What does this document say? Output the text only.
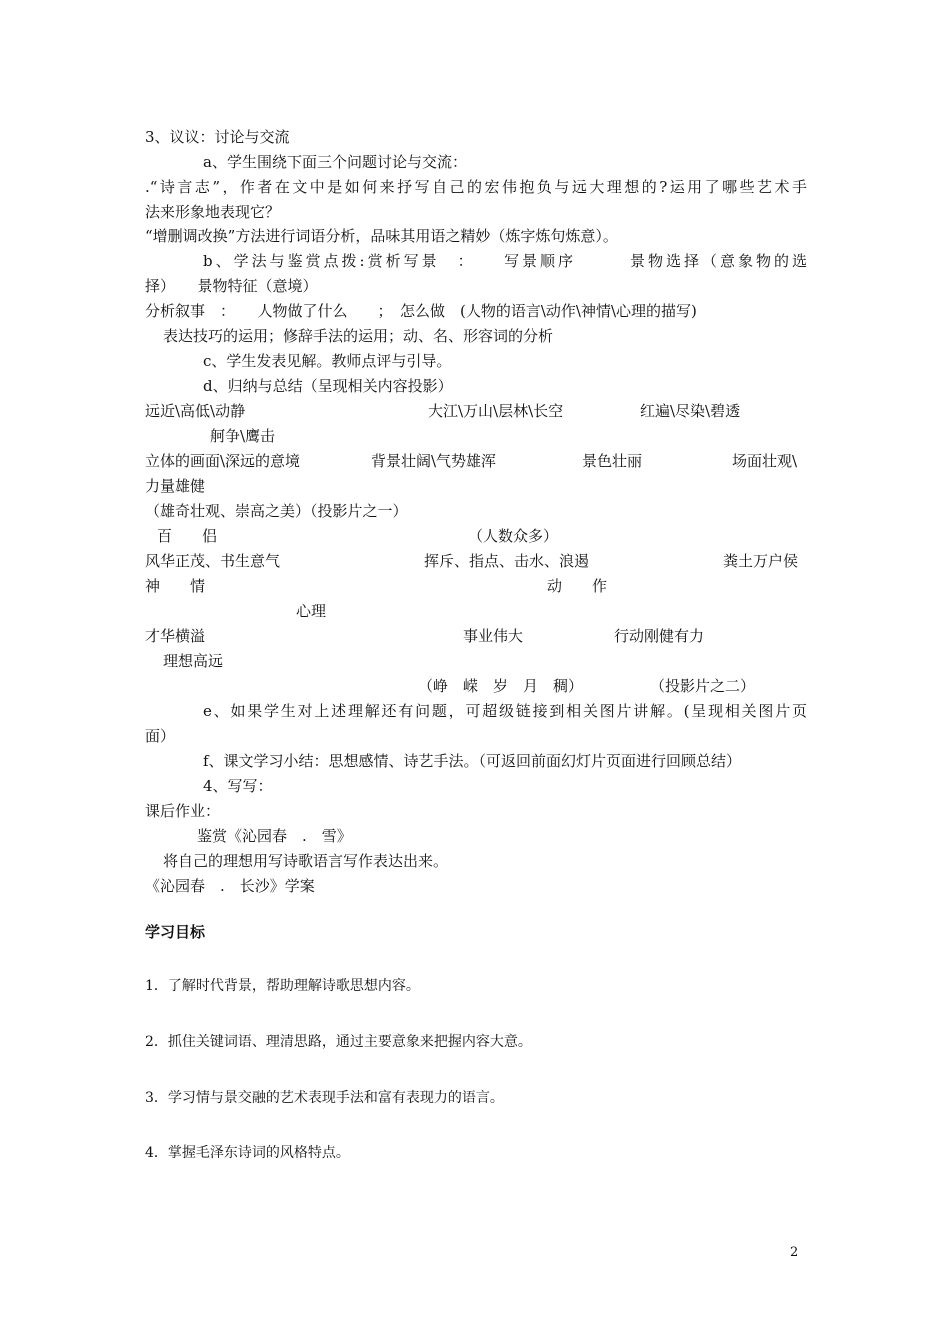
3、议议：讨论与交流
a、学生围绕下面三个问题讨论与交流：
.“诗言志”，作者在文中是如何来抒写自己的宏伟抱负与远大理想的?运用了哪些艺术手
法来形象地表现它？
“增删调改换”方法进行词语分析，品味其用语之精妙（炼字炼句炼意）。
b、学法与鉴赏点拨:赏析写景　：　　写景顺序　　　景物选择（意象物的选
择）　　景物特征（意境）
分析叙事　：　　人物做了什么　　；　怎么做　(人物的语言\动作\神情\心理的描写)
表达技巧的运用；修辞手法的运用；动、名、形容词的分析
c、学生发表见解。教师点评与引导。
d、归纳与总结（呈现相关内容投影）
远近\高低\动静	大江\万山\层林\长空	红遍\尽染\碧透
舸争\鹰击
立体的画面\深远的意境	背景壮阔\气势雄浑	景色壮丽	场面壮观\
力量雄健
（雄奇壮观、崇高之美）（投影片之一）
百　　侣	（人数众多）
风华正茂、书生意气	挥斥、指点、击水、浪遏	粪土万户侯
神　　情	动　　作
心理
才华横溢	事业伟大	行动刚健有力
理想高远
（峥　嵘　岁　月　稠）	（投影片之二）
e、如果学生对上述理解还有问题，可超级链接到相关图片讲解。(呈现相关图片页
面）
f、课文学习小结：思想感情、诗艺手法。（可返回前面幻灯片页面进行回顾总结）
4、写写：
课后作业：
鉴赏《沁园春　.　雪》
将自己的理想用写诗歌语言写作表达出来。
《沁园春　.　长沙》学案
学习目标
1．了解时代背景，帮助理解诗歌思想内容。
2．抓住关键词语、理清思路，通过主要意象来把握内容大意。
3．学习情与景交融的艺术表现手法和富有表现力的语言。
4．掌握毛泽东诗词的风格特点。
2
